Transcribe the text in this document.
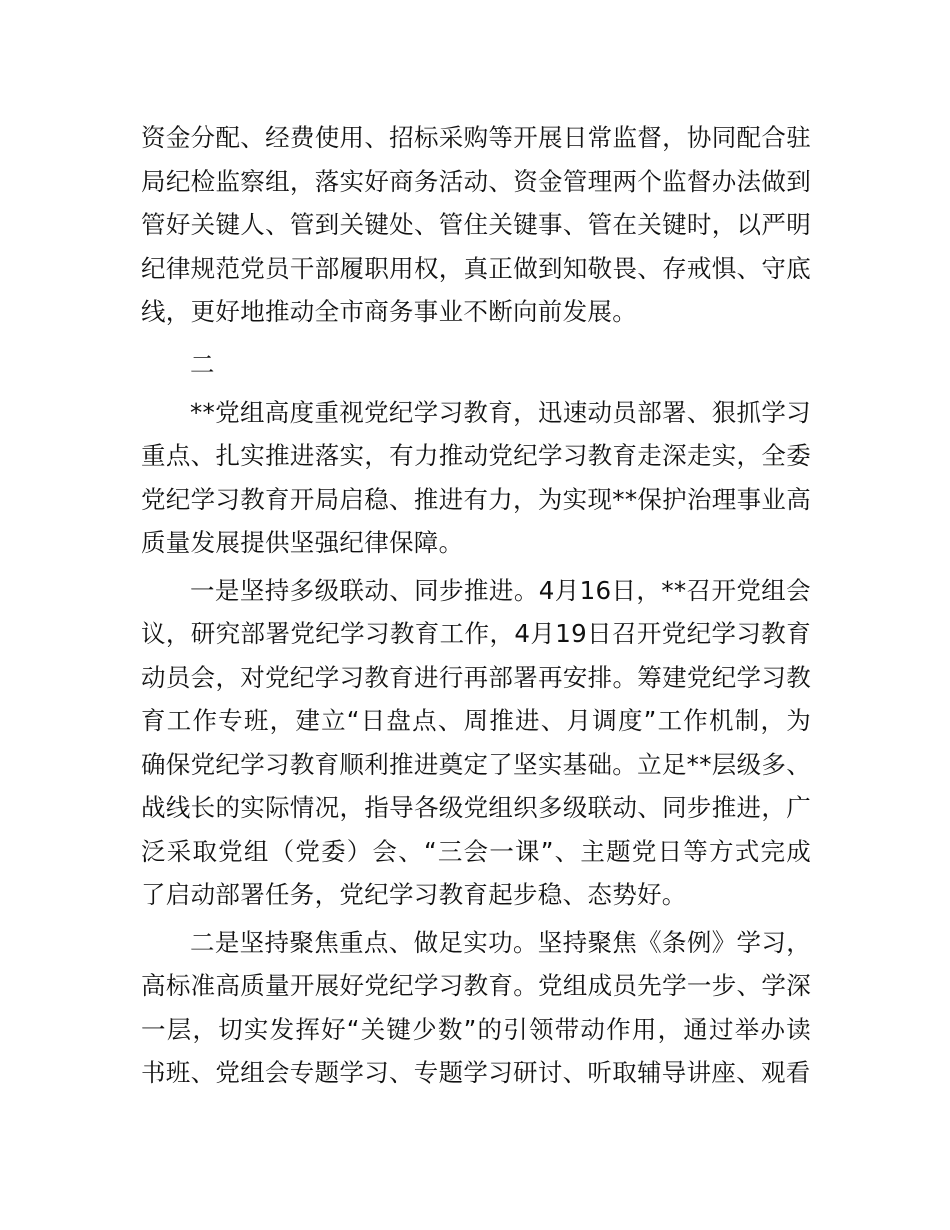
资金分配、经费使用、招标采购等开展日常监督，协同配合驻局纪检监察组，落实好商务活动、资金管理两个监督办法做到管好关键人、管到关键处、管住关键事、管在关键时，以严明纪律规范党员干部履职用权，真正做到知敬畏、存戒惧、守底线，更好地推动全市商务事业不断向前发展。

二

**党组高度重视党纪学习教育，迅速动员部署、狠抓学习重点、扎实推进落实，有力推动党纪学习教育走深走实，全委党纪学习教育开局启稳、推进有力，为实现**保护治理事业高质量发展提供坚强纪律保障。

一是坚持多级联动、同步推进。4月16日，**召开党组会议，研究部署党纪学习教育工作，4月19日召开党纪学习教育动员会，对党纪学习教育进行再部署再安排。筹建党纪学习教育工作专班，建立“日盘点、周推进、月调度”工作机制，为确保党纪学习教育顺利推进奠定了坚实基础。立足**层级多、战线长的实际情况，指导各级党组织多级联动、同步推进，广泛采取党组（党委）会、“三会一课”、主题党日等方式完成了启动部署任务，党纪学习教育起步稳、态势好。

二是坚持聚焦重点、做足实功。坚持聚焦《条例》学习，高标准高质量开展好党纪学习教育。党组成员先学一步、学深一层，切实发挥好“关键少数”的引领带动作用，通过举办读书班、党组会专题学习、专题学习研讨、听取辅导讲座、观看
